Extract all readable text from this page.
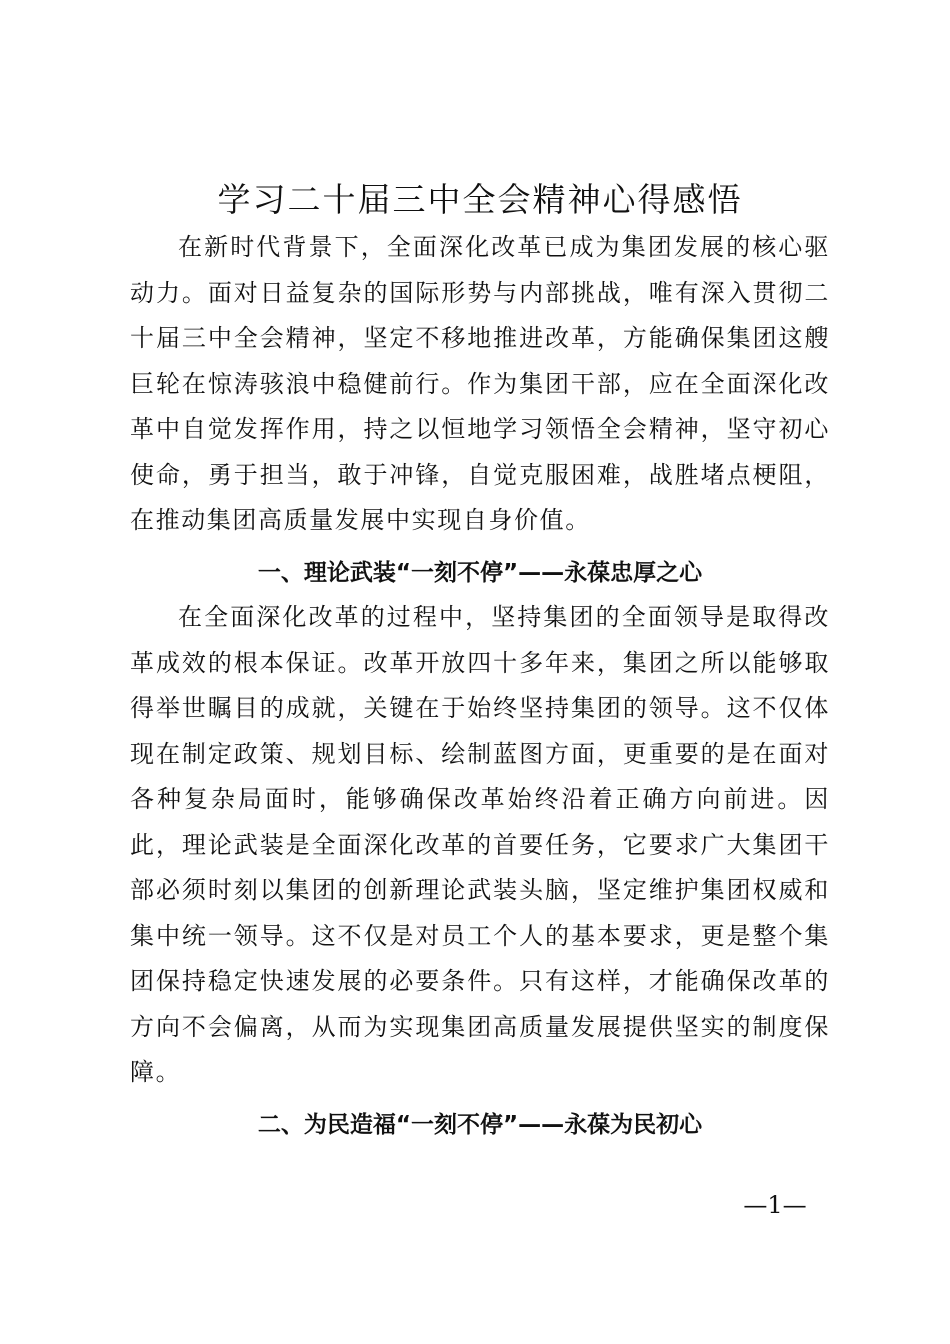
学习二十届三中全会精神心得感悟

在新时代背景下，全面深化改革已成为集团发展的核心驱动力。面对日益复杂的国际形势与内部挑战，唯有深入贯彻二十届三中全会精神，坚定不移地推进改革，方能确保集团这艘巨轮在惊涛骇浪中稳健前行。作为集团干部，应在全面深化改革中自觉发挥作用，持之以恒地学习领悟全会精神，坚守初心使命，勇于担当，敢于冲锋，自觉克服困难，战胜堵点梗阻，在推动集团高质量发展中实现自身价值。

一、理论武装“一刻不停”——永葆忠厚之心

在全面深化改革的过程中，坚持集团的全面领导是取得改革成效的根本保证。改革开放四十多年来，集团之所以能够取得举世瞩目的成就，关键在于始终坚持集团的领导。这不仅体现在制定政策、规划目标、绘制蓝图方面，更重要的是在面对各种复杂局面时，能够确保改革始终沿着正确方向前进。因此，理论武装是全面深化改革的首要任务，它要求广大集团干部必须时刻以集团的创新理论武装头脑，坚定维护集团权威和集中统一领导。这不仅是对员工个人的基本要求，更是整个集团保持稳定快速发展的必要条件。只有这样，才能确保改革的方向不会偏离，从而为实现集团高质量发展提供坚实的制度保障。

二、为民造福“一刻不停”——永葆为民初心
—1—
